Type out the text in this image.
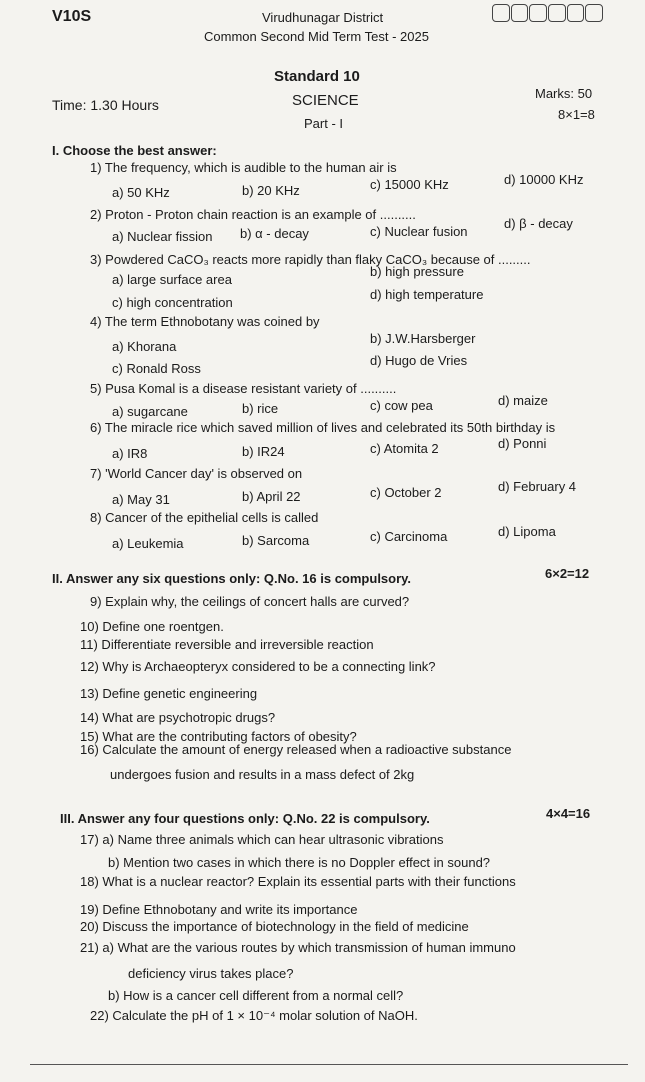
V10S	Virudhunagar District
Common Second Mid Term Test - 2025
Standard 10
Time: 1.30 Hours	SCIENCE	Marks: 50
8×1=8
Part - I
I. Choose the best answer:
1) The frequency, which is audible to the human air is
a) 50 KHz	b) 20 KHz	c) 15000 KHz	d) 10000 KHz
2) Proton - Proton chain reaction is an example of ..........
a) Nuclear fission b) α - decay	c) Nuclear fusion
d) β - decay
3) Powdered CaCO₃ reacts more rapidly than flaky CaCO₃ because of .........
a) large surface area
b) high pressure
c) high concentration
d) high temperature
4) The term Ethnobotany was coined by
a) Khorana
b) J.W.Harsberger
c) Ronald Ross
d) Hugo de Vries
5) Pusa Komal is a disease resistant variety of ..........
a) sugarcane	b) rice	c) cow pea	d) maize
6) The miracle rice which saved million of lives and celebrated its 50th birthday is
a) IR8	b) IR24	c) Atomita 2	d) Ponni
7) 'World Cancer day' is observed on
a) May 31	b) April 22	c) October 2	d) February 4
8) Cancer of the epithelial cells is called
a) Leukemia	b) Sarcoma	c) Carcinoma	d) Lipoma
II. Answer any six questions only: Q.No. 16 is compulsory.	6×2=12
9) Explain why, the ceilings of concert halls are curved?
10) Define one roentgen.
11) Differentiate reversible and irreversible reaction
12) Why is Archaeopteryx considered to be a connecting link?
13) Define genetic engineering
14) What are psychotropic drugs?
15) What are the contributing factors of obesity?
16) Calculate the amount of energy released when a radioactive substance
undergoes fusion and results in a mass defect of 2kg
III. Answer any four questions only: Q.No. 22 is compulsory.	4×4=16
17) a) Name three animals which can hear ultrasonic vibrations
b) Mention two cases in which there is no Doppler effect in sound?
18) What is a nuclear reactor? Explain its essential parts with their functions
19) Define Ethnobotany and write its importance
20) Discuss the importance of biotechnology in the field of medicine
21) a) What are the various routes by which transmission of human immuno
deficiency virus takes place?
b) How is a cancer cell different from a normal cell?
22) Calculate the pH of 1 × 10⁻⁴ molar solution of NaOH.
